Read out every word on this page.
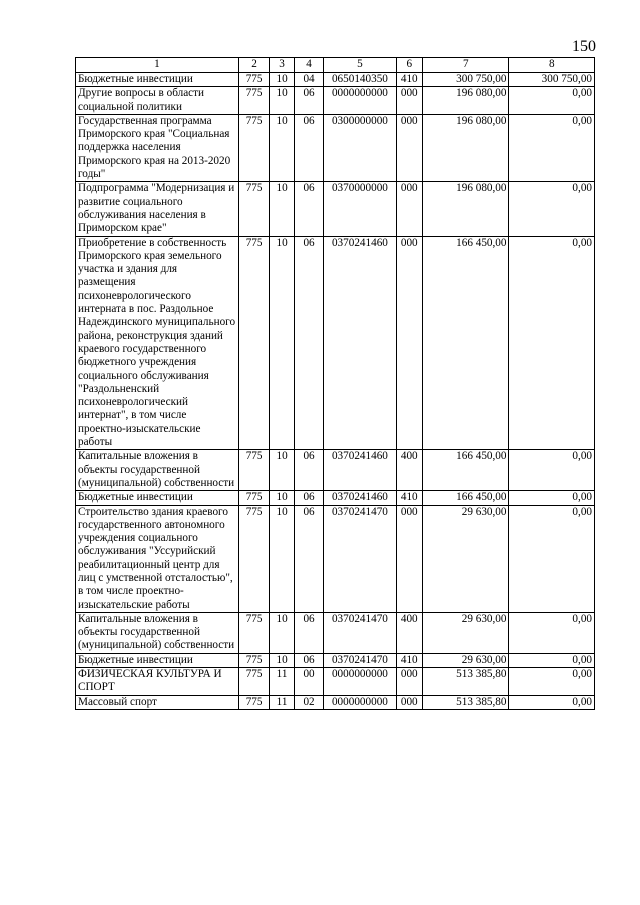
150
1	2	3	4	5	6	7	8
Бюджетные инвестиции	775	10	04	0650140350	410	300 750,00	300 750,00
Другие вопросы в области социальной политики	775	10	06	0000000000	000	196 080,00	0,00
Государственная программа Приморского края "Социальная поддержка населения Приморского края на 2013-2020 годы"	775	10	06	0300000000	000	196 080,00	0,00
Подпрограмма "Модернизация и развитие социального обслуживания населения в Приморском крае"	775	10	06	0370000000	000	196 080,00	0,00
Приобретение в собственность Приморского края земельного участка и здания для размещения психоневрологического интерната в пос. Раздольное Надеждинского муниципального района, реконструкция зданий краевого государственного бюджетного учреждения социального обслуживания "Раздольненский психоневрологический интернат", в том числе проектно-изыскательские работы	775	10	06	0370241460	000	166 450,00	0,00
Капитальные вложения в объекты государственной (муниципальной) собственности	775	10	06	0370241460	400	166 450,00	0,00
Бюджетные инвестиции	775	10	06	0370241460	410	166 450,00	0,00
Строительство здания краевого государственного автономного учреждения социального обслуживания "Уссурийский реабилитационный центр для лиц с умственной отсталостью", в том числе проектно-изыскательские работы	775	10	06	0370241470	000	29 630,00	0,00
Капитальные вложения в объекты государственной (муниципальной) собственности	775	10	06	0370241470	400	29 630,00	0,00
Бюджетные инвестиции	775	10	06	0370241470	410	29 630,00	0,00
ФИЗИЧЕСКАЯ КУЛЬТУРА И СПОРТ	775	11	00	0000000000	000	513 385,80	0,00
Массовый спорт	775	11	02	0000000000	000	513 385,80	0,00
